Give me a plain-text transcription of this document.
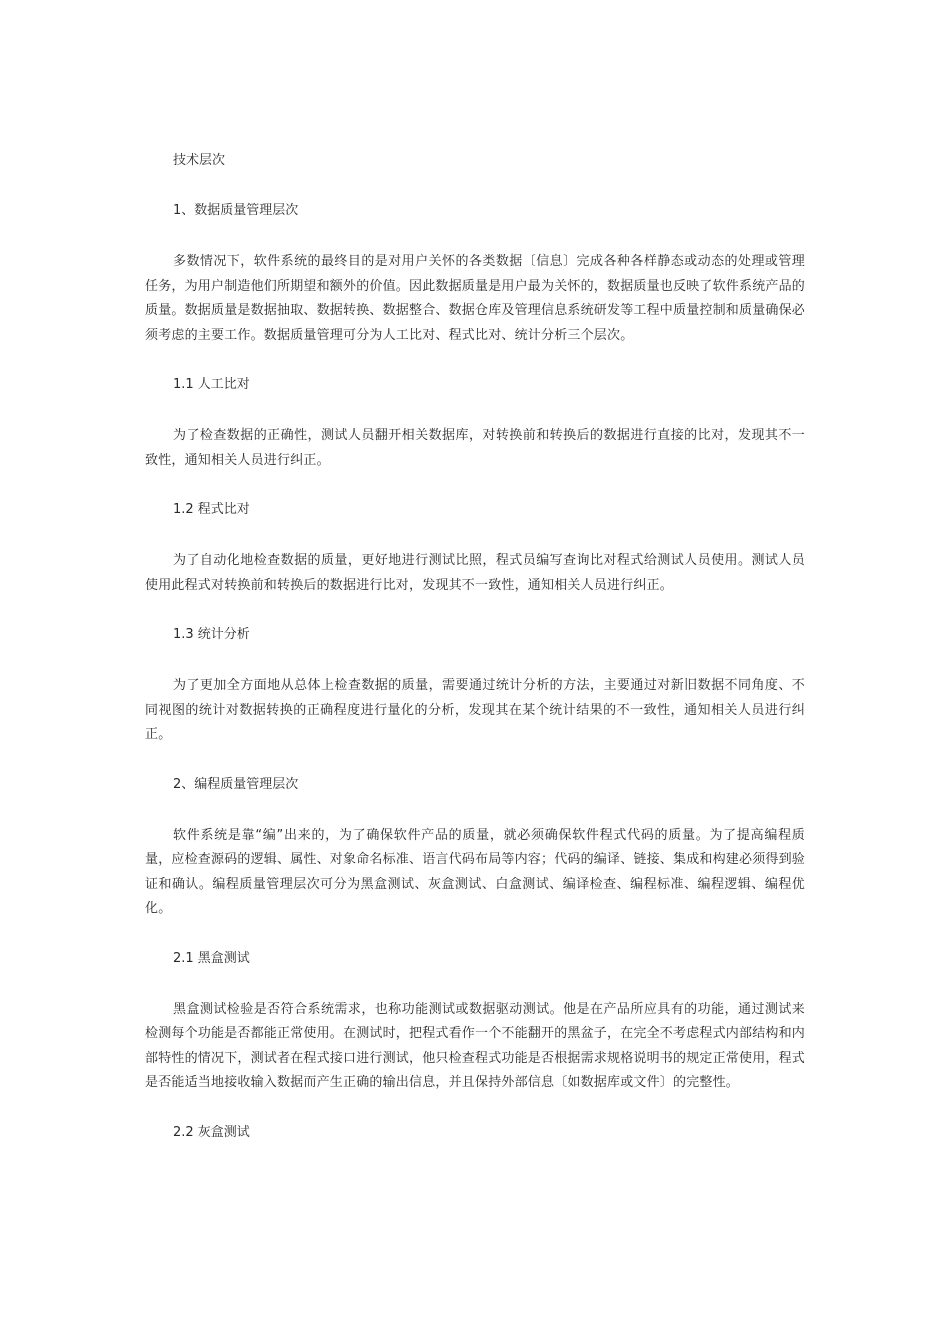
技术层次

1、数据质量管理层次

多数情况下，软件系统的最终目的是对用户关怀的各类数据〔信息〕完成各种各样静态或动态的处理或管理任务，为用户制造他们所期望和额外的价值。因此数据质量是用户最为关怀的，数据质量也反映了软件系统产品的质量。数据质量是数据抽取、数据转换、数据整合、数据仓库及管理信息系统研发等工程中质量控制和质量确保必须考虑的主要工作。数据质量管理可分为人工比对、程式比对、统计分析三个层次。

1.1 人工比对

为了检查数据的正确性，测试人员翻开相关数据库，对转换前和转换后的数据进行直接的比对，发现其不一致性，通知相关人员进行纠正。

1.2 程式比对

为了自动化地检查数据的质量，更好地进行测试比照，程式员编写查询比对程式给测试人员使用。测试人员使用此程式对转换前和转换后的数据进行比对，发现其不一致性，通知相关人员进行纠正。

1.3 统计分析

为了更加全方面地从总体上检查数据的质量，需要通过统计分析的方法，主要通过对新旧数据不同角度、不同视图的统计对数据转换的正确程度进行量化的分析，发现其在某个统计结果的不一致性，通知相关人员进行纠正。

2、编程质量管理层次

软件系统是靠“编”出来的，为了确保软件产品的质量，就必须确保软件程式代码的质量。为了提高编程质量，应检查源码的逻辑、属性、对象命名标准、语言代码布局等内容；代码的编译、链接、集成和构建必须得到验证和确认。编程质量管理层次可分为黑盒测试、灰盒测试、白盒测试、编译检查、编程标准、编程逻辑、编程优化。

2.1 黑盒测试

黑盒测试检验是否符合系统需求，也称功能测试或数据驱动测试。他是在产品所应具有的功能，通过测试来检测每个功能是否都能正常使用。在测试时，把程式看作一个不能翻开的黑盆子，在完全不考虑程式内部结构和内部特性的情况下，测试者在程式接口进行测试，他只检查程式功能是否根据需求规格说明书的规定正常使用，程式是否能适当地接收输入数据而产生正确的输出信息，并且保持外部信息〔如数据库或文件〕的完整性。

2.2 灰盒测试
